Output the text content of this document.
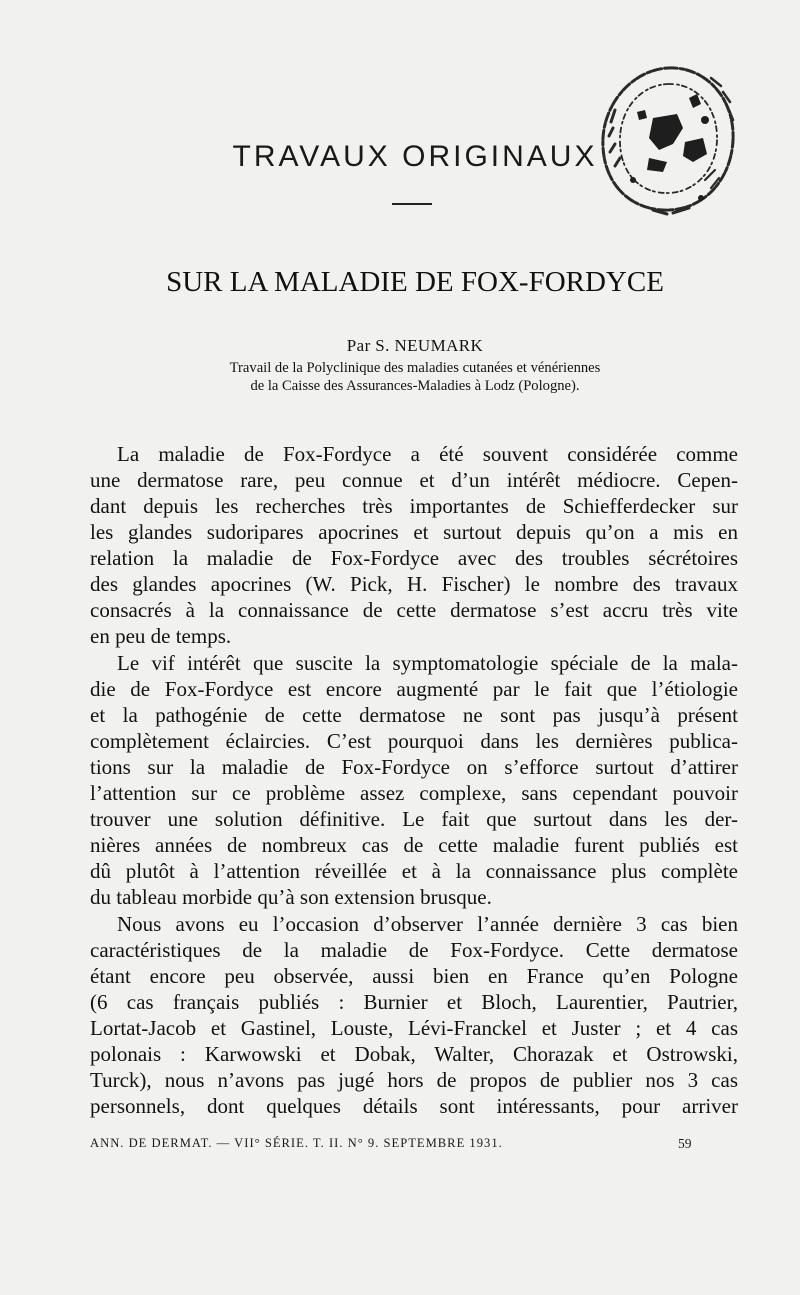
TRAVAUX ORIGINAUX
SUR LA MALADIE DE FOX-FORDYCE
Par S. NEUMARK
Travail de la Polyclinique des maladies cutanées et vénériennes
de la Caisse des Assurances-Maladies à Lodz (Pologne).
La maladie de Fox-Fordyce a été souvent considérée comme
une dermatose rare, peu connue et d’un intérêt médiocre. Cepen-
dant depuis les recherches très importantes de Schiefferdecker sur
les glandes sudoripares apocrines et surtout depuis qu’on a mis en
relation la maladie de Fox-Fordyce avec des troubles sécrétoires
des glandes apocrines (W. Pick, H. Fischer) le nombre des travaux
consacrés à la connaissance de cette dermatose s’est accru très vite
en peu de temps.
Le vif intérêt que suscite la symptomatologie spéciale de la mala-
die de Fox-Fordyce est encore augmenté par le fait que l’étiologie
et la pathogénie de cette dermatose ne sont pas jusqu’à présent
complètement éclaircies. C’est pourquoi dans les dernières publica-
tions sur la maladie de Fox-Fordyce on s’efforce surtout d’attirer
l’attention sur ce problème assez complexe, sans cependant pouvoir
trouver une solution définitive. Le fait que surtout dans les der-
nières années de nombreux cas de cette maladie furent publiés est
dû plutôt à l’attention réveillée et à la connaissance plus complète
du tableau morbide qu’à son extension brusque.
Nous avons eu l’occasion d’observer l’année dernière 3 cas bien
caractéristiques de la maladie de Fox-Fordyce. Cette dermatose
étant encore peu observée, aussi bien en France qu’en Pologne
(6 cas français publiés : Burnier et Bloch, Laurentier, Pautrier,
Lortat-Jacob et Gastinel, Louste, Lévi-Franckel et Juster ; et 4 cas
polonais : Karwowski et Dobak, Walter, Chorazak et Ostrowski,
Turck), nous n’avons pas jugé hors de propos de publier nos 3 cas
personnels, dont quelques détails sont intéressants, pour arriver
ANN. DE DERMAT. — VII° SÉRIE. T. II. N° 9. SEPTEMBRE 1931.	59
